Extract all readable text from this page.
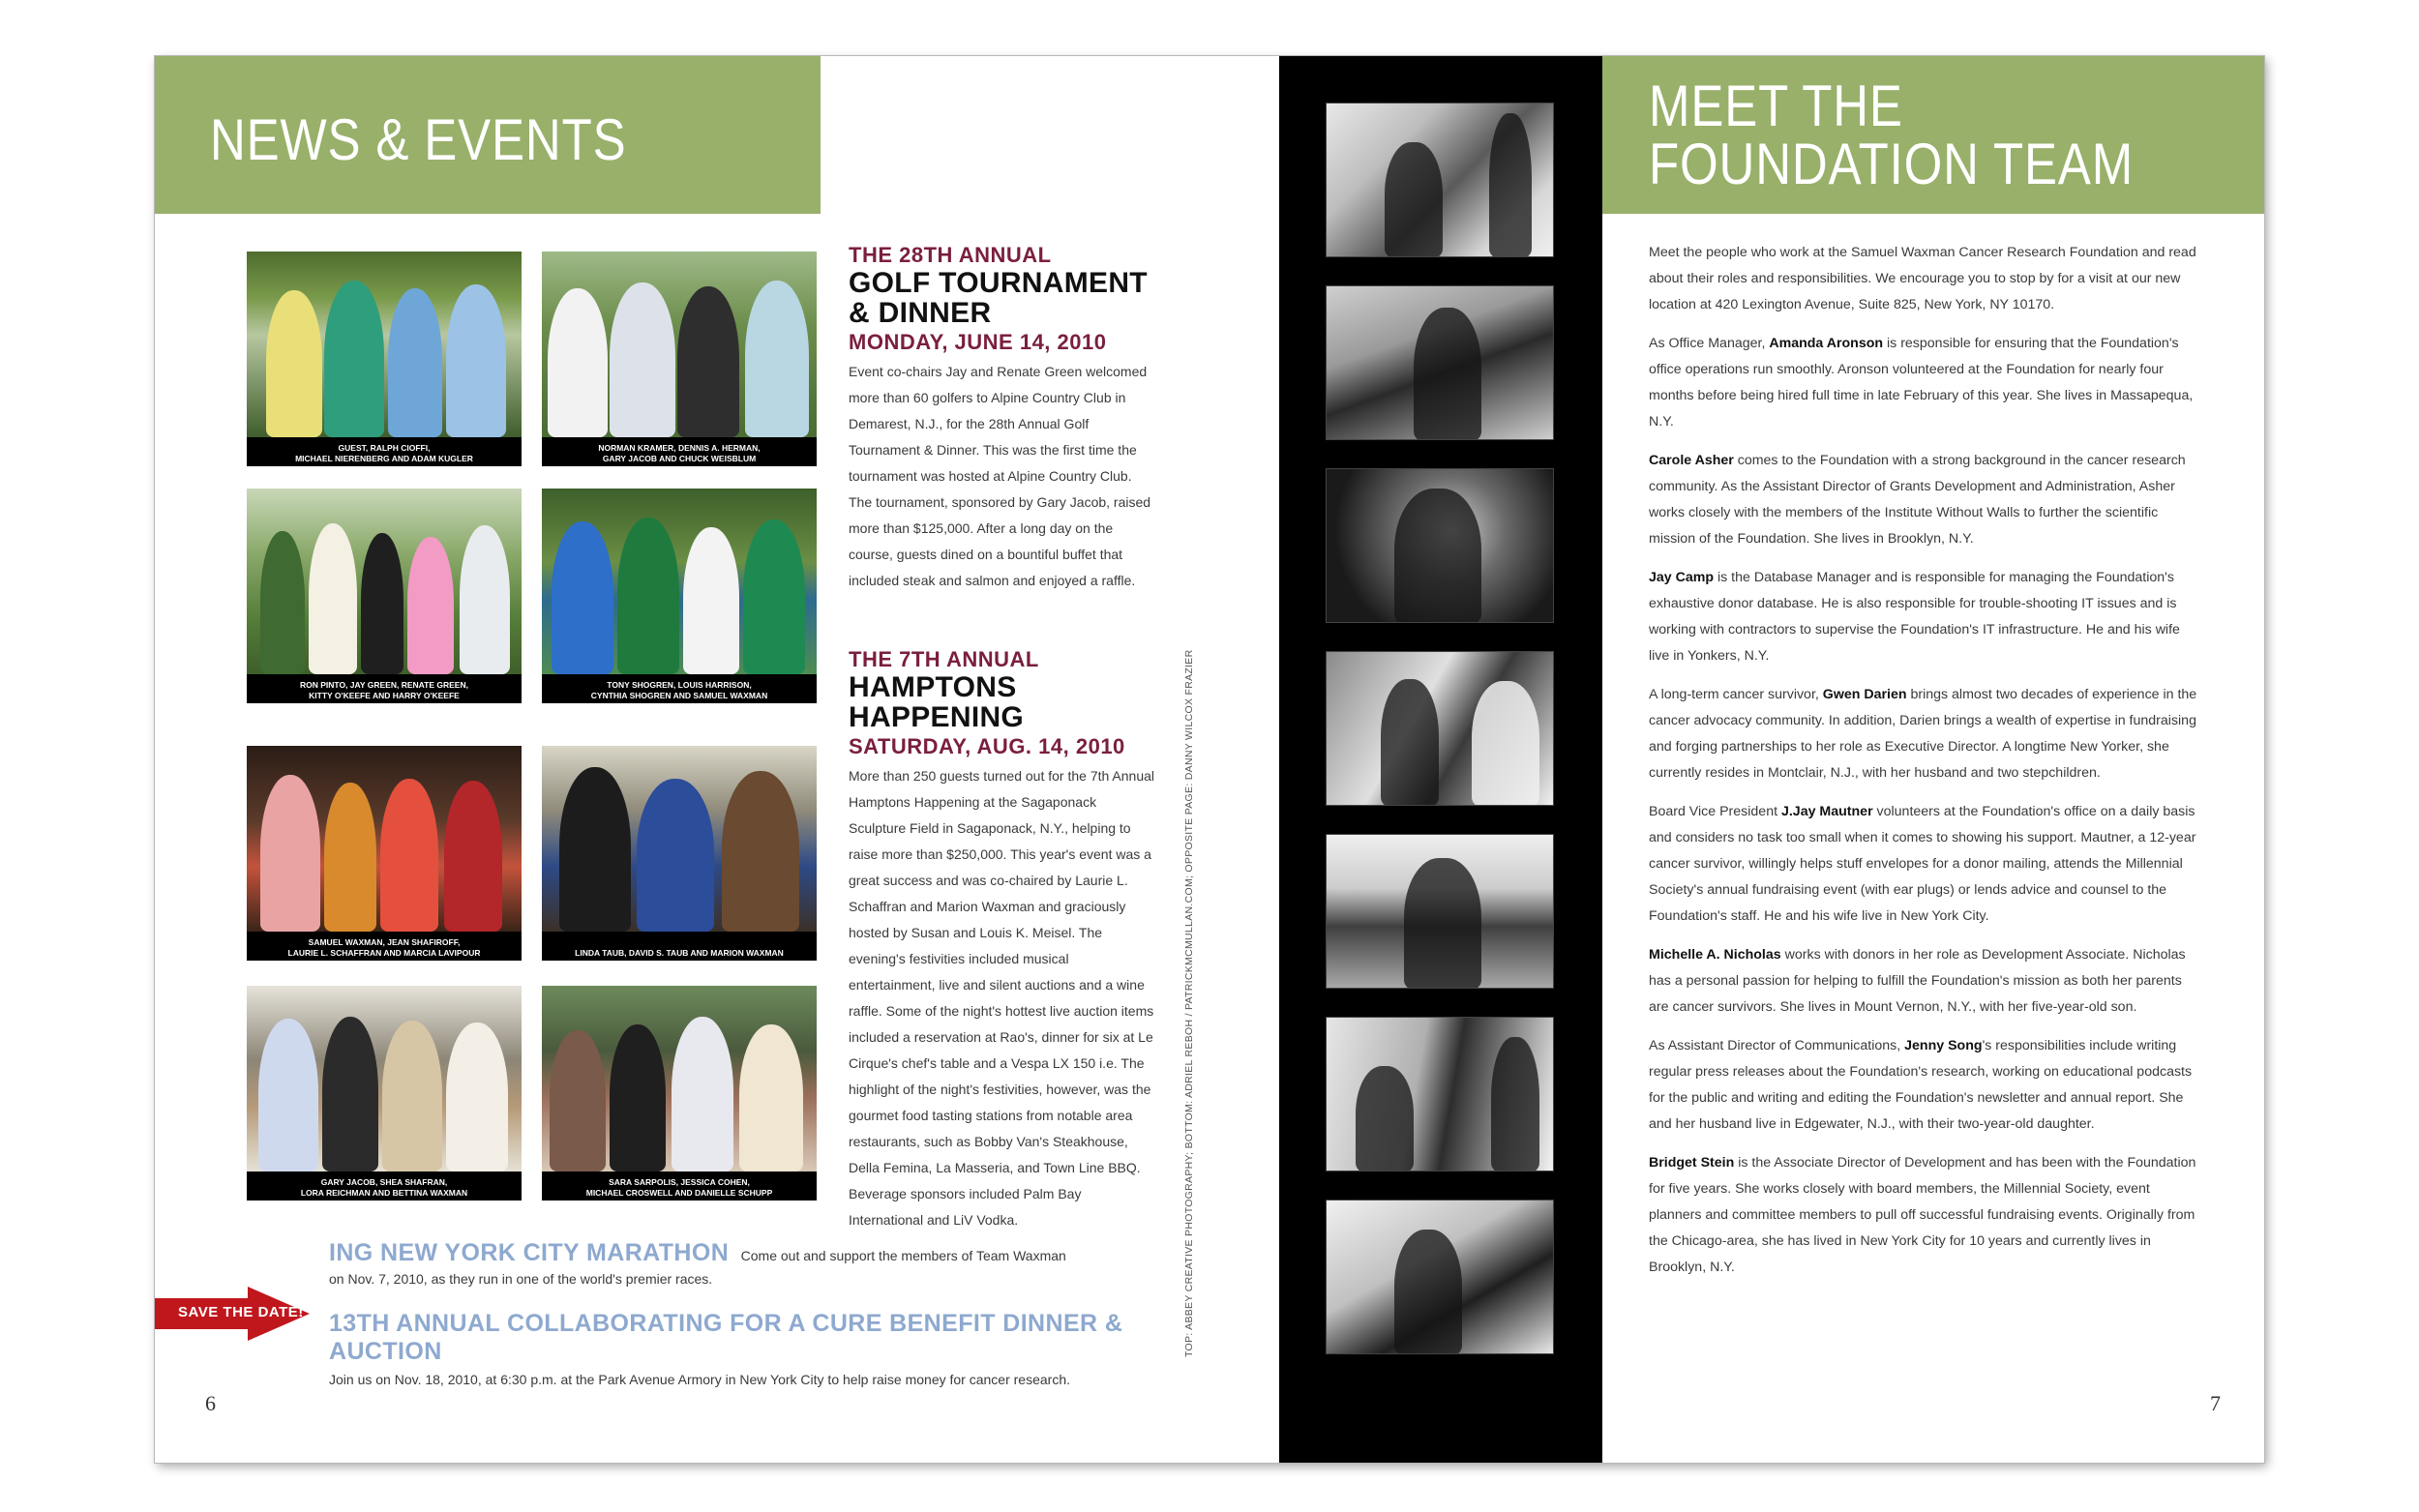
NEWS & EVENTS
GUEST, RALPH CIOFFI,
MICHAEL NIERENBERG AND ADAM KUGLER
NORMAN KRAMER, DENNIS A. HERMAN,
GARY JACOB AND CHUCK WEISBLUM
RON PINTO, JAY GREEN, RENATE GREEN,
KITTY O'KEEFE AND HARRY O'KEEFE
TONY SHOGREN, LOUIS HARRISON,
CYNTHIA SHOGREN AND SAMUEL WAXMAN
SAMUEL WAXMAN, JEAN SHAFIROFF,
LAURIE L. SCHAFFRAN AND MARCIA LAVIPOUR	LINDA TAUB, DAVID S. TAUB AND MARION WAXMAN
GARY JACOB, SHEA SHAFRAN,
LORA REICHMAN AND BETTINA WAXMAN
SARA SARPOLIS, JESSICA COHEN,
MICHAEL CROSWELL AND DANIELLE SCHUPP
THE 28TH ANNUAL
GOLF TOURNAMENT
& DINNER
MONDAY, JUNE 14, 2010
Event co-chairs Jay and Renate Green welcomed more than 60 golfers to Alpine Country Club in Demarest, N.J., for the 28th Annual Golf Tournament & Dinner. This was the first time the tournament was hosted at Alpine Country Club. The tournament, sponsored by Gary Jacob, raised more than $125,000. After a long day on the course, guests dined on a bountiful buffet that included steak and salmon and enjoyed a raffle.
THE 7TH ANNUAL
HAMPTONS HAPPENING
SATURDAY, AUG. 14, 2010
More than 250 guests turned out for the 7th Annual Hamptons Happening at the Sagaponack Sculpture Field in Sagaponack, N.Y., helping to raise more than $250,000. This year's event was a great success and was co-chaired by Laurie L. Schaffran and Marion Waxman and graciously hosted by Susan and Louis K. Meisel. The evening's festivities included musical entertainment, live and silent auctions and a wine raffle. Some of the night's hottest live auction items included a reservation at Rao's, dinner for six at Le Cirque's chef's table and a Vespa LX 150 i.e. The highlight of the night's festivities, however, was the gourmet food tasting stations from notable area restaurants, such as Bobby Van's Steakhouse, Della Femina, La Masseria, and Town Line BBQ. Beverage sponsors included Palm Bay International and LiV Vodka.	TOP: ABBEY CREATIVE PHOTOGRAPHY; BOTTOM: ADRIEL REBOH / PATRICKMCMULLAN.COM; OPPOSITE PAGE: DANNY WILCOX FRAZIER
SAVE THE DATE!
ING NEW YORK CITY MARATHON Come out and support the members of Team Waxman
on Nov. 7, 2010, as they run in one of the world's premier races.
13TH ANNUAL COLLABORATING FOR A CURE BENEFIT DINNER & AUCTION
Join us on Nov. 18, 2010, at 6:30 p.m. at the Park Avenue Armory in New York City to help raise money for cancer research.
6
MEET THE
FOUNDATION TEAM

Meet the people who work at the Samuel Waxman Cancer Research Foundation and read about their roles and responsibilities. We encourage you to stop by for a visit at our new location at 420 Lexington Avenue, Suite 825, New York, NY 10170.

As Office Manager, Amanda Aronson is responsible for ensuring that the Foundation's office operations run smoothly. Aronson volunteered at the Foundation for nearly four months before being hired full time in late February of this year. She lives in Massapequa, N.Y.

Carole Asher comes to the Foundation with a strong background in the cancer research community. As the Assistant Director of Grants Development and Administration, Asher works closely with the members of the Institute Without Walls to further the scientific mission of the Foundation. She lives in Brooklyn, N.Y.

Jay Camp is the Database Manager and is responsible for managing the Foundation's exhaustive donor database. He is also responsible for trouble-shooting IT issues and is working with contractors to supervise the Foundation's IT infrastructure. He and his wife live in Yonkers, N.Y.

A long-term cancer survivor, Gwen Darien brings almost two decades of experience in the cancer advocacy community. In addition, Darien brings a wealth of expertise in fundraising and forging partnerships to her role as Executive Director. A longtime New Yorker, she currently resides in Montclair, N.J., with her husband and two stepchildren.

Board Vice President J.Jay Mautner volunteers at the Foundation's office on a daily basis and considers no task too small when it comes to showing his support. Mautner, a 12-year cancer survivor, willingly helps stuff envelopes for a donor mailing, attends the Millennial Society's annual fundraising event (with ear plugs) or lends advice and counsel to the Foundation's staff. He and his wife live in New York City.

Michelle A. Nicholas works with donors in her role as Development Associate. Nicholas has a personal passion for helping to fulfill the Foundation's mission as both her parents are cancer survivors. She lives in Mount Vernon, N.Y., with her five-year-old son.

As Assistant Director of Communications, Jenny Song's responsibilities include writing regular press releases about the Foundation's research, working on educational podcasts for the public and writing and editing the Foundation's newsletter and annual report. She and her husband live in Edgewater, N.J., with their two-year-old daughter.

Bridget Stein is the Associate Director of Development and has been with the Foundation for five years. She works closely with board members, the Millennial Society, event planners and committee members to pull off successful fundraising events. Originally from the Chicago-area, she has lived in New York City for 10 years and currently lives in Brooklyn, N.Y.

7
